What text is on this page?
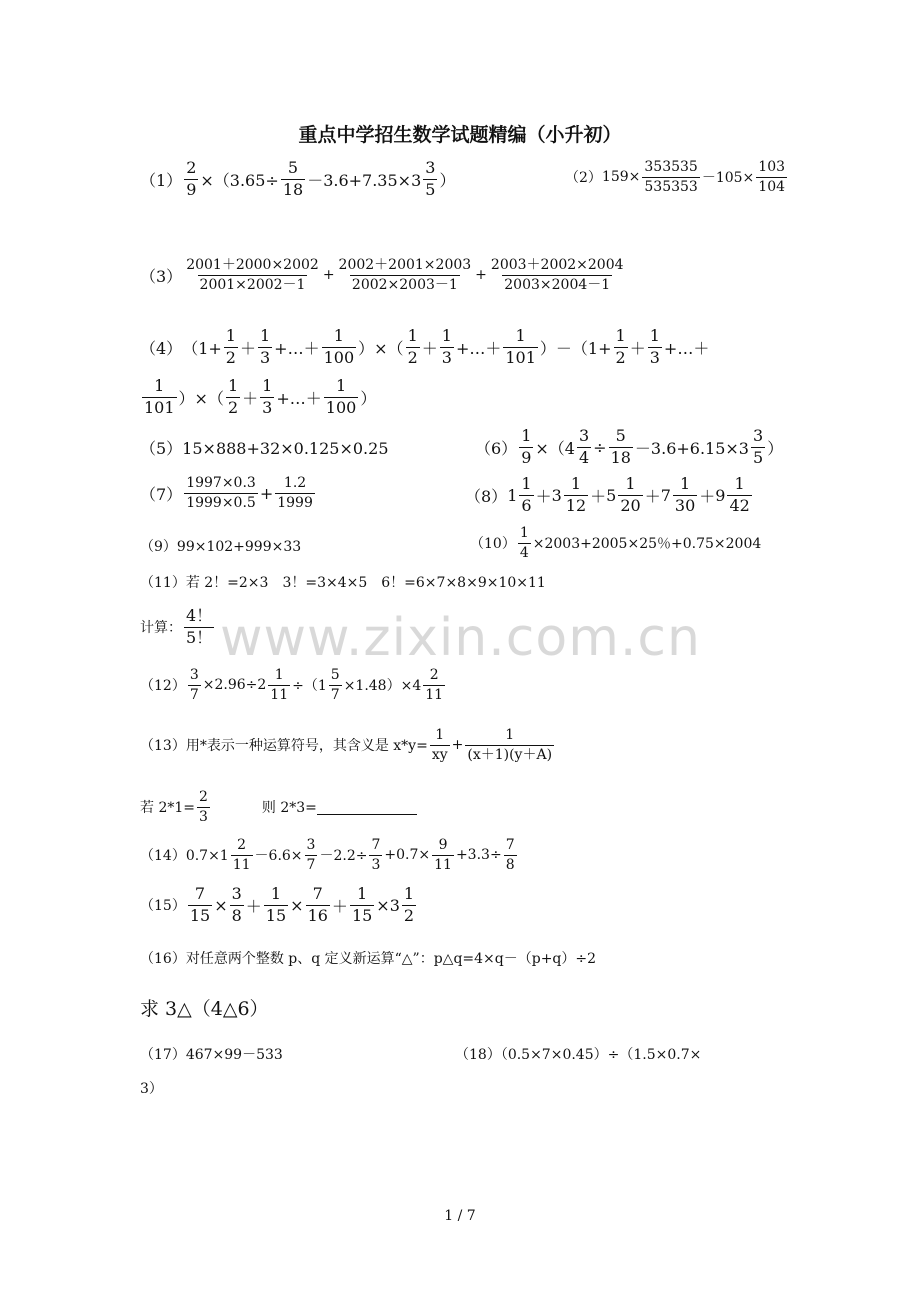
www.zixin.com.cn
重点中学招生数学试题精编（小升初）
$(1) \frac{2}{9} \times(3.65\div \frac{5}{18} -3.6+7.35\times 3 \frac{3}{5}$ ）	（2） $159\times \frac{353535}{535353} -105\times \frac{103}{104}$
$(3) \frac{2001+2000\times 2002}{2001\times 2002-1} + \frac{2002+2001\times 2003}{2002\times 2003-1} + \frac{2003+2002\times 2004}{2003\times 2004-1}$
（4） （$1+ \frac{1}{2} + \frac{1}{3}$ +…＋ $\frac{1}{100}$ ）×（ $\frac{1}{2} + \frac{1}{3}$ +…＋ $\frac{1}{101} )-(1+ \frac{1}{2} + \frac{1}{3}$ +…＋
$\frac{1}{101}$ ）×（ $\frac{1}{2} + \frac{1}{3}$ +…＋ $\frac{1}{100}$ ）
（5）15×888+32×0.125×0.25	$(6) \frac{1}{9} \times(4 \frac{3}{4} \div \frac{5}{18} -3.6+6.15\times 3 \frac{3}{5}$ ）
$(7) \frac{1997\times 0.3}{1999\times 0.5} + \frac{1.2}{1999}$	（8） $1 \frac{1}{6} + 3 \frac{1}{12} + 5 \frac{1}{20} + 7 \frac{1}{30} + 9 \frac{1}{42}$
（9）99×102+999×33	$(10) \frac{1}{4} \times 2003+2005\times 25$％+0.75×2004
（11）若 2！=2×3　3！=3×4×5　6！=6×7×8×9×10×11
计算： $\frac{4!}{5!}$
$(12) \frac{3}{7} \times 2.96\div 2 \frac{1}{11} \div(1 \frac{5}{7} \times 1.48)\times 4 \frac{2}{11}$
（13）用*表示一种运算符号，其含义是 $x*y= \frac{1}{xy} + \frac{1}{(x+1)(y+A)}$
若 $2*1= \frac{2}{3}$	则 2*3=
$(14)0.7\times 1 \frac{2}{11} -6.6\times \frac{3}{7} -2.2\div \frac{7}{3} +0.7\times \frac{9}{11} +3.3\div \frac{7}{8}$
$(15) \frac{7}{15} \times \frac{3}{8} + \frac{1}{15} \times \frac{7}{16} + \frac{1}{15} \times 3 \frac{1}{2}$
（16）对任意两个整数 p、q 定义新运算“△”：p△q=4×q－（p+q）÷2
求 3△（4△6）
（17）467×99－533	（18）（0.5×7×0.45）÷（1.5×0.7×
3）
1 / 7
